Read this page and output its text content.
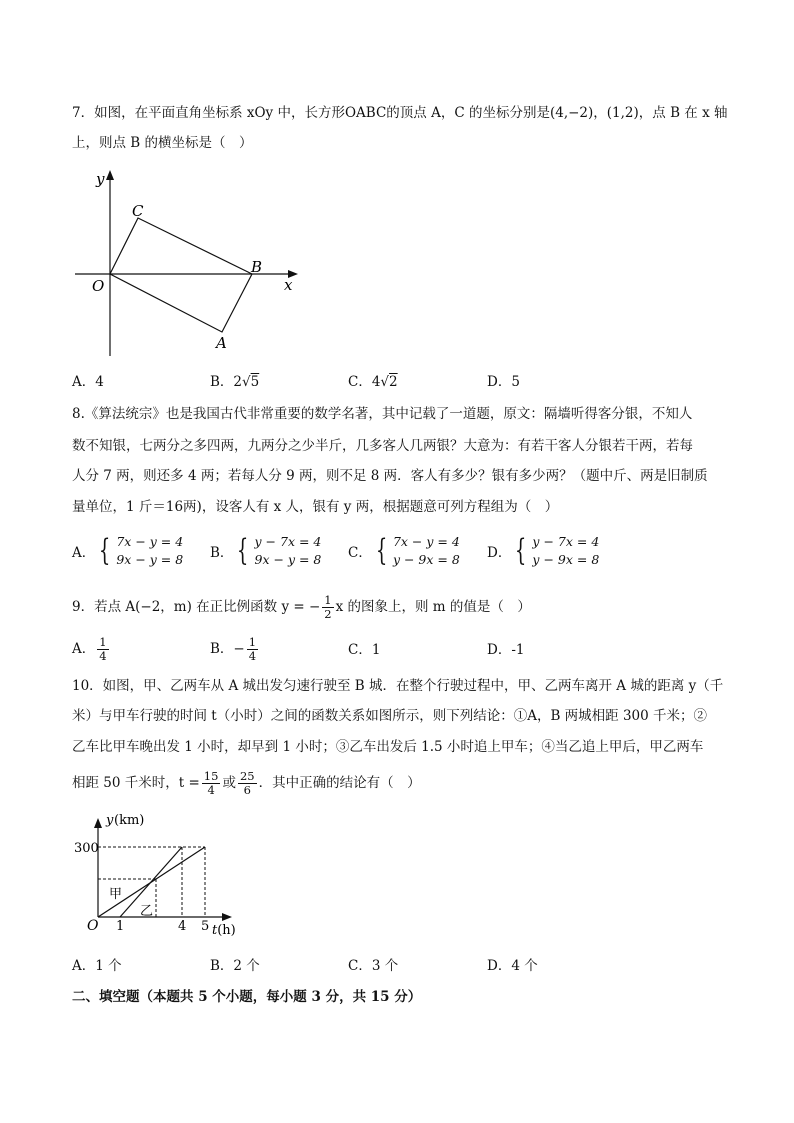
7．如图，在平面直角坐标系 xOy 中，长方形OABC的顶点 A，C 的坐标分别是(4,−2)，(1,2)，点 B 在 x 轴
上，则点 B 的横坐标是（　）
y
x
O
C
B
A
A．4	B．2√5	C．4√2	D．5
8.《算法统宗》也是我国古代非常重要的数学名著，其中记载了一道题，原文：隔墙听得客分银，不知人
数不知银，七两分之多四两，九两分之少半斤，几多客人几两银？大意为：有若干客人分银若干两，若每
人分 7 两，则还多 4 两；若每人分 9 两，则不足 8 两．客人有多少？银有多少两？（题中斤、两是旧制质
量单位，1 斤＝16两)，设客人有 x 人，银有 y 两，根据题意可列方程组为（　）
A． { 7x − y = 4
9x − y = 8 B． { y − 7x = 4
9x − y = 8 C． { 7x − y = 4
y − 9x = 8 D． { y − 7x = 4
y − 9x = 8
9．若点 A(−2，m) 在正比例函数 y = − $\frac{1}{2}$ x 的图象上，则 m 的值是（　）
A． $\frac{1}{4}$	B．− $\frac{1}{4}$	C．1	D．-1
10．如图，甲、乙两车从 A 城出发匀速行驶至 B 城．在整个行驶过程中，甲、乙两车离开 A 城的距离 y（千
米）与甲车行驶的时间 t（小时）之间的函数关系如图所示，则下列结论：①A，B 两城相距 300 千米；②
乙车比甲车晚出发 1 小时，却早到 1 小时；③乙车出发后 1.5 小时追上甲车；④当乙追上甲后，甲乙两车
相距 50 千米时，$t = \frac{15}{4}$ 或 $\frac{25}{6}$ ．其中正确的结论有（　）
y (km)
300
O 1	4 5 t(h)
甲
乙
A．1 个	B．2 个	C．3 个	D．4 个
二、填空题（本题共 5 个小题，每小题 3 分，共 15 分）
